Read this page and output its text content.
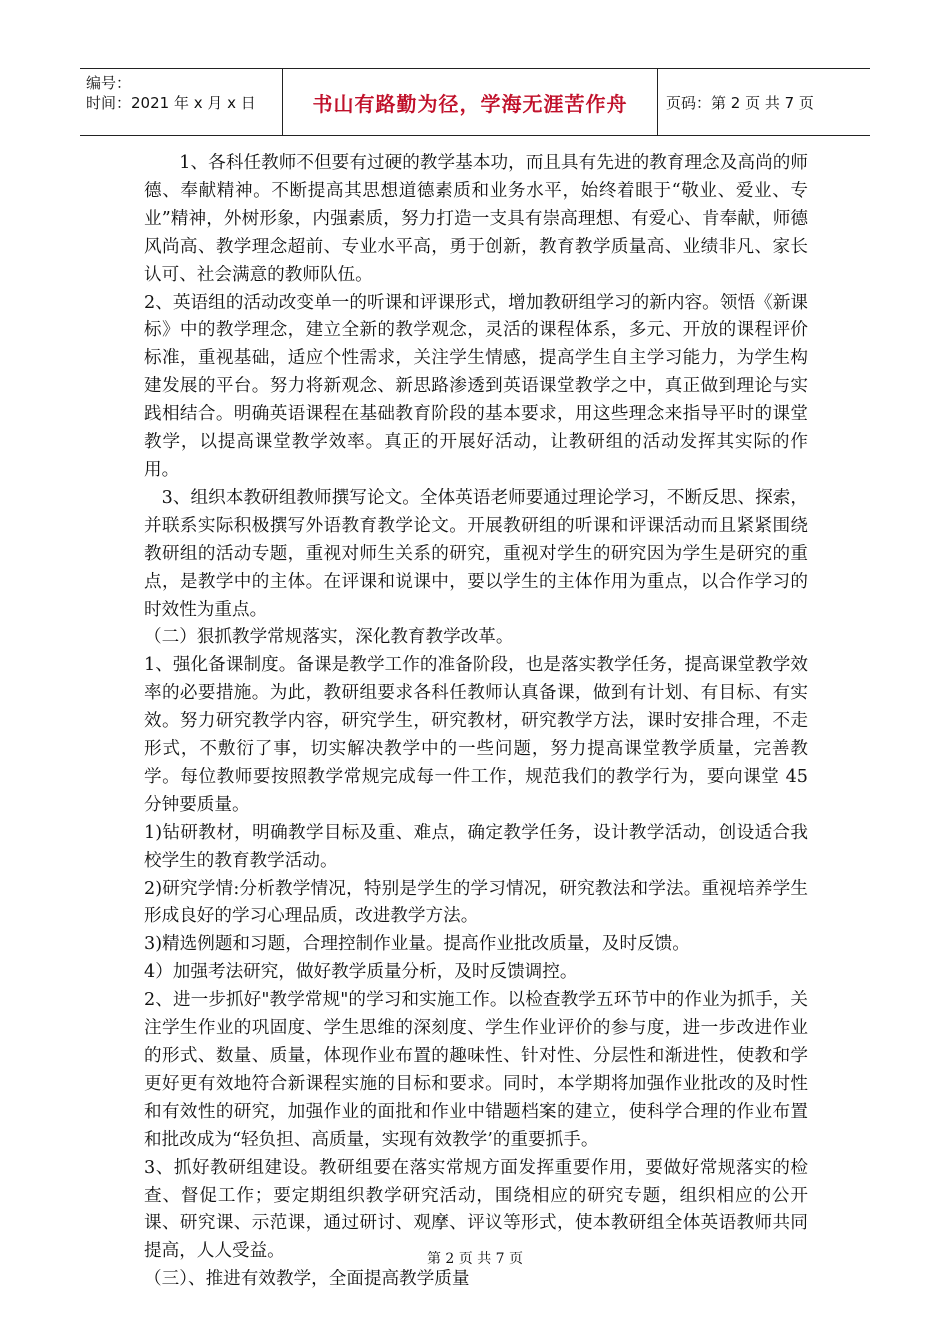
编号：
时间：2021 年 x 月 x 日	书山有路勤为径，学海无涯苦作舟	页码：第 2 页 共 7 页

　　1、各科任教师不但要有过硬的教学基本功，而且具有先进的教育理念及高尚的师德、奉献精神。不断提高其思想道德素质和业务水平，始终着眼于“敬业、爱业、专业”精神，外树形象，内强素质，努力打造一支具有崇高理想、有爱心、肯奉献，师德风尚高、教学理念超前、专业水平高，勇于创新，教育教学质量高、业绩非凡、家长认可、社会满意的教师队伍。

2、英语组的活动改变单一的听课和评课形式，增加教研组学习的新内容。领悟《新课标》中的教学理念，建立全新的教学观念，灵活的课程体系，多元、开放的课程评价标准，重视基础，适应个性需求，关注学生情感，提高学生自主学习能力，为学生构建发展的平台。努力将新观念、新思路渗透到英语课堂教学之中，真正做到理论与实践相结合。明确英语课程在基础教育阶段的基本要求，用这些理念来指导平时的课堂教学，以提高课堂教学效率。真正的开展好活动，让教研组的活动发挥其实际的作用。

　3、组织本教研组教师撰写论文。全体英语老师要通过理论学习，不断反思、探索，并联系实际积极撰写外语教育教学论文。开展教研组的听课和评课活动而且紧紧围绕教研组的活动专题，重视对师生关系的研究，重视对学生的研究因为学生是研究的重点，是教学中的主体。在评课和说课中，要以学生的主体作用为重点，以合作学习的时效性为重点。

（二）狠抓教学常规落实，深化教育教学改革。

1、强化备课制度。备课是教学工作的准备阶段，也是落实教学任务，提高课堂教学效率的必要措施。为此，教研组要求各科任教师认真备课，做到有计划、有目标、有实效。努力研究教学内容，研究学生，研究教材，研究教学方法，课时安排合理，不走形式，不敷衍了事，切实解决教学中的一些问题，努力提高课堂教学质量，完善教学。每位教师要按照教学常规完成每一件工作，规范我们的教学行为，要向课堂 45 分钟要质量。

1)钻研教材，明确教学目标及重、难点，确定教学任务，设计教学活动，创设适合我校学生的教育教学活动。

2)研究学情:分析教学情况，特别是学生的学习情况，研究教法和学法。重视培养学生形成良好的学习心理品质，改进教学方法。

3)精选例题和习题，合理控制作业量。提高作业批改质量，及时反馈。

4）加强考法研究，做好教学质量分析，及时反馈调控。

2、进一步抓好"教学常规"的学习和实施工作。以检查教学五环节中的作业为抓手，关注学生作业的巩固度、学生思维的深刻度、学生作业评价的参与度，进一步改进作业的形式、数量、质量，体现作业布置的趣味性、针对性、分层性和渐进性，使教和学更好更有效地符合新课程实施的目标和要求。同时，本学期将加强作业批改的及时性和有效性的研究，加强作业的面批和作业中错题档案的建立，使科学合理的作业布置和批改成为“轻负担、高质量，实现有效教学’的重要抓手。

3、抓好教研组建设。教研组要在落实常规方面发挥重要作用，要做好常规落实的检查、督促工作；要定期组织教学研究活动，围绕相应的研究专题，组织相应的公开课、研究课、示范课，通过研讨、观摩、评议等形式，使本教研组全体英语教师共同提高，人人受益。

（三）、推进有效教学，全面提高教学质量

第 2 页 共 7 页
